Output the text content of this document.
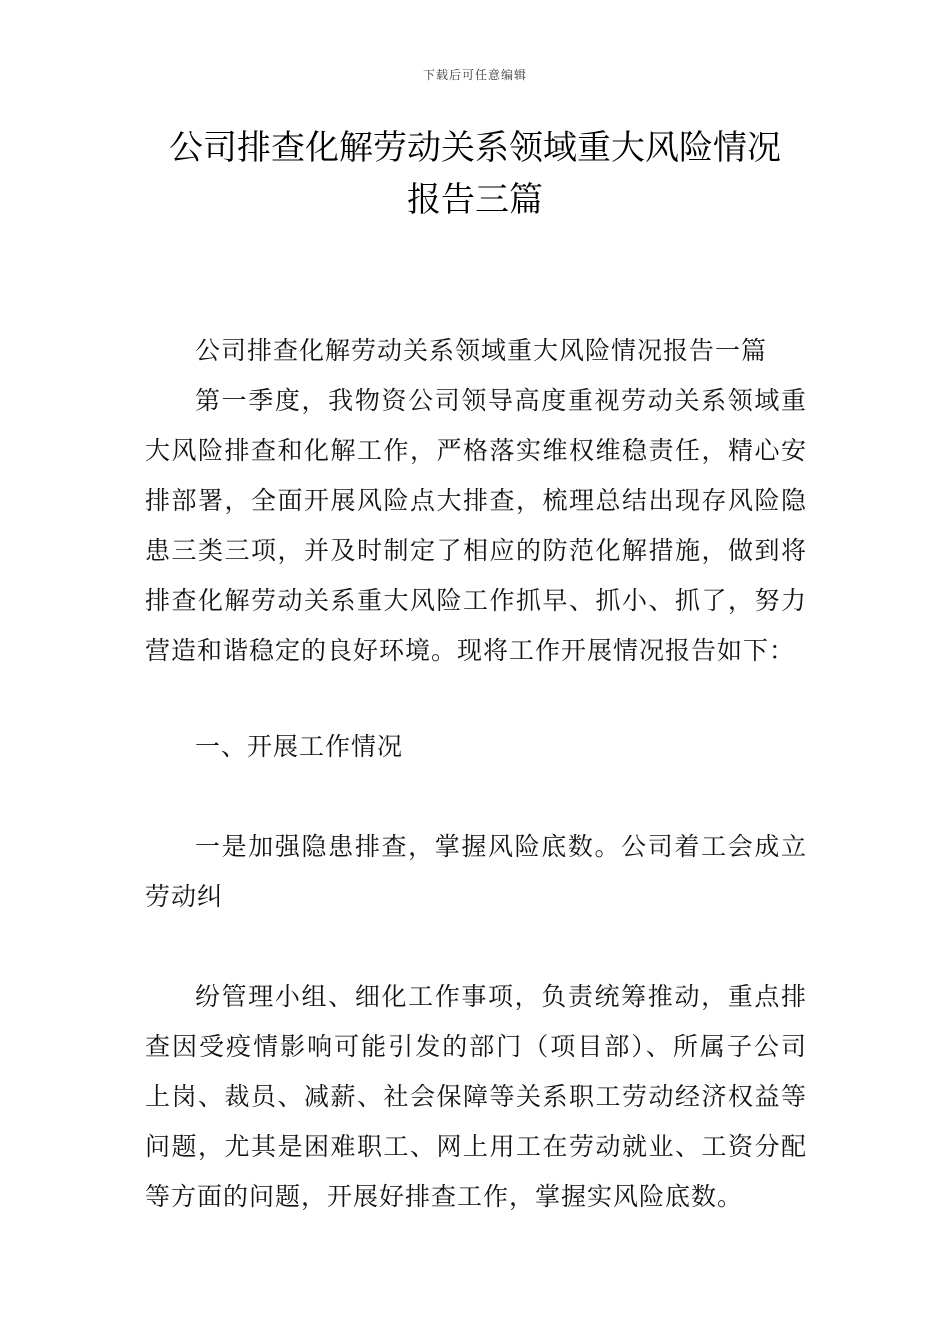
下载后可任意编辑
公司排查化解劳动关系领域重大风险情况
报告三篇

公司排查化解劳动关系领域重大风险情况报告一篇

第一季度，我物资公司领导高度重视劳动关系领域重大风险排查和化解工作，严格落实维权维稳责任，精心安排部署，全面开展风险点大排查，梳理总结出现存风险隐患三类三项，并及时制定了相应的防范化解措施，做到将排查化解劳动关系重大风险工作抓早、抓小、抓了，努力营造和谐稳定的良好环境。现将工作开展情况报告如下：

一、开展工作情况

一是加强隐患排查，掌握风险底数。公司着工会成立劳动纠

纷管理小组、细化工作事项，负责统筹推动，重点排查因受疫情影响可能引发的部门（项目部）、所属子公司上岗、裁员、减薪、社会保障等关系职工劳动经济权益等问题，尤其是困难职工、网上用工在劳动就业、工资分配等方面的问题，开展好排查工作，掌握实风险底数。
